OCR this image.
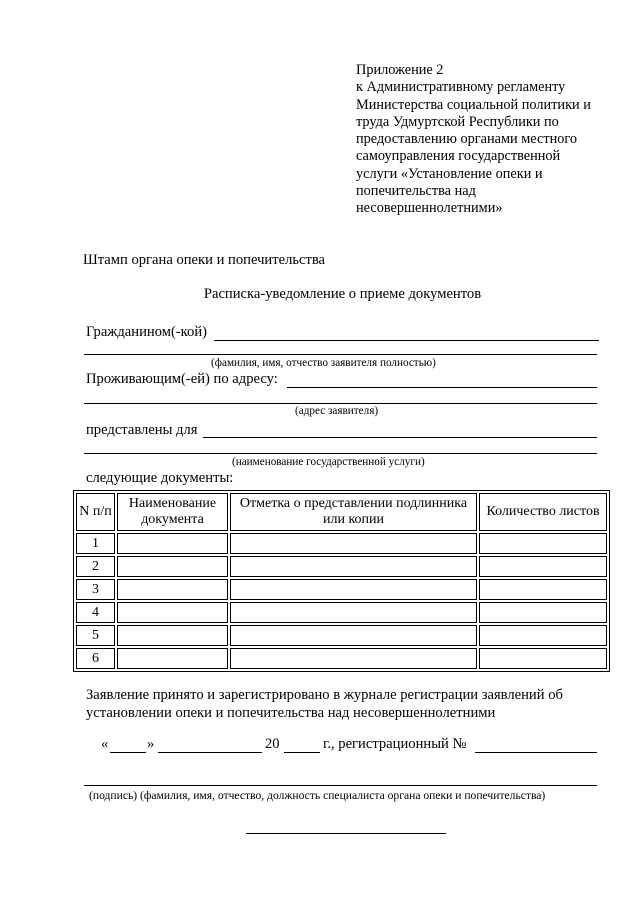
Приложение 2
к Административному регламенту
Министерства социальной политики и
труда Удмуртской Республики по
предоставлению органами местного
самоуправления государственной
услуги «Установление опеки и
попечительства над
несовершеннолетними»
Штамп органа опеки и попечительства
Расписка-уведомление о приеме документов
Гражданином(-кой)
(фамилия, имя, отчество заявителя полностью)
Проживающим(-ей) по адресу:
(адрес заявителя)
представлены для
(наименование государственной услуги)
следующие документы:
N п/п	Наименование документа	Отметка о представлении подлинника или копии	Количество листов
1			
2			
3			
4			
5			
6			
Заявление принято и зарегистрировано в журнале регистрации заявлений об установлении опеки и попечительства над несовершеннолетними
«	»	20	г., регистрационный №
(подпись) (фамилия, имя, отчество, должность специалиста органа опеки и попечительства)
